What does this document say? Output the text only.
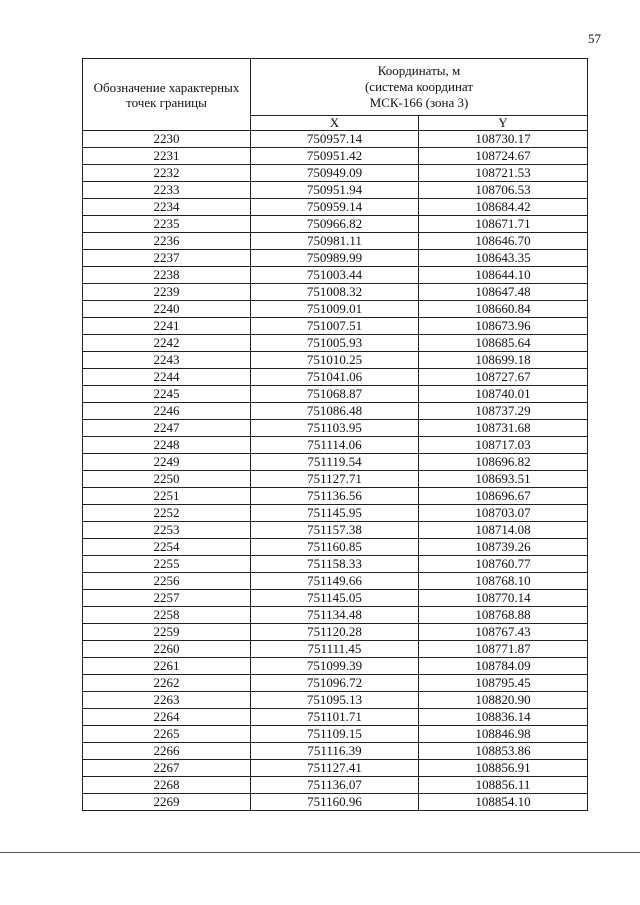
57
Обозначение характерных точек границы	Координаты, м
(система координат
МСК-166 (зона 3)	

	X	Y
2230	750957.14	108730.17
2231	750951.42	108724.67
2232	750949.09	108721.53
2233	750951.94	108706.53
2234	750959.14	108684.42
2235	750966.82	108671.71
2236	750981.11	108646.70
2237	750989.99	108643.35
2238	751003.44	108644.10
2239	751008.32	108647.48
2240	751009.01	108660.84
2241	751007.51	108673.96
2242	751005.93	108685.64
2243	751010.25	108699.18
2244	751041.06	108727.67
2245	751068.87	108740.01
2246	751086.48	108737.29
2247	751103.95	108731.68
2248	751114.06	108717.03
2249	751119.54	108696.82
2250	751127.71	108693.51
2251	751136.56	108696.67
2252	751145.95	108703.07
2253	751157.38	108714.08
2254	751160.85	108739.26
2255	751158.33	108760.77
2256	751149.66	108768.10
2257	751145.05	108770.14
2258	751134.48	108768.88
2259	751120.28	108767.43
2260	751111.45	108771.87
2261	751099.39	108784.09
2262	751096.72	108795.45
2263	751095.13	108820.90
2264	751101.71	108836.14
2265	751109.15	108846.98
2266	751116.39	108853.86
2267	751127.41	108856.91
2268	751136.07	108856.11
2269	751160.96	108854.10
